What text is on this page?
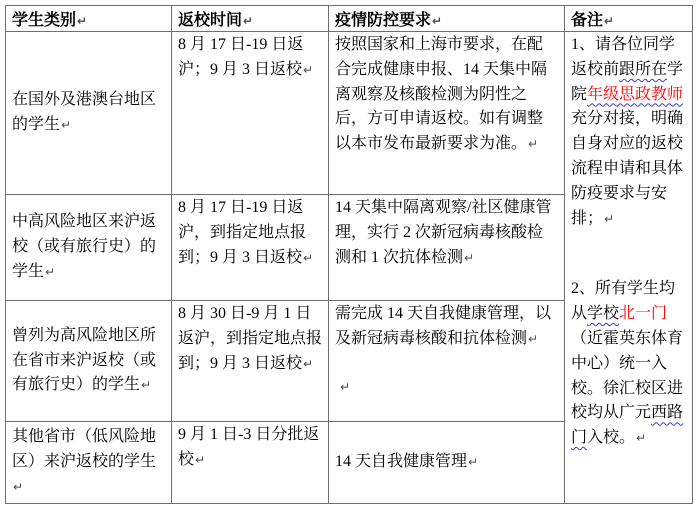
学生类别↵	返校时间↵	疫情防控要求↵	备注↵

在国外及港澳台地区的学生↵	8 月 17 日-19 日返沪；9 月 3 日返校↵	按照国家和上海市要求，在配合完成健康申报、14 天集中隔离观察及核酸检测为阴性之后，方可申请返校。如有调整以本市发布最新要求为准。↵	1、请各位同学返校前跟所在学院年级思政教师充分对接，明确自身对应的返校流程申请和具体防疫要求与安排；↵
2、所有学生均从学校北一门（近霍英东体育中心）统一入校。徐汇校区进校均从广元西路门入校。↵

中高风险地区来沪返校（或有旅行史）的学生↵	8 月 17 日-19 日返沪，到指定地点报到；9 月 3 日返校↵	14 天集中隔离观察/社区健康管理，实行 2 次新冠病毒核酸检测和 1 次抗体检测↵	

曾列为高风险地区所在省市来沪返校（或有旅行史）的学生↵	8 月 30 日-9 月 1 日返沪，到指定地点报到；9 月 3 日返校↵	需完成 14 天自我健康管理，以及新冠病毒核酸和抗体检测↵
↵	

其他省市（低风险地区）来沪返校的学生↵	9 月 1 日-3 日分批返校↵	14 天自我健康管理↵	
